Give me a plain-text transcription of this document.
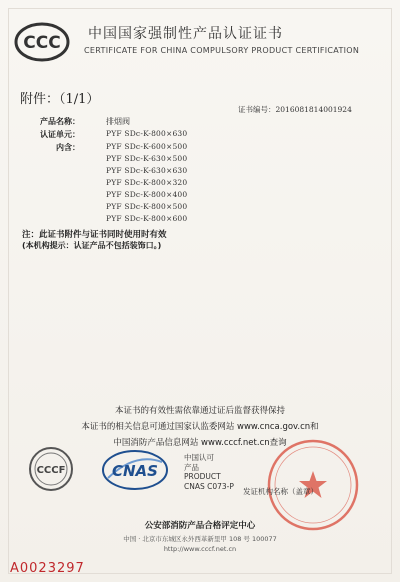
CCC 中国国家强制性产品认证证书
CERTIFICATE FOR CHINA COMPULSORY PRODUCT CERTIFICATION
附件：（1/1）
证书编号：2016081814001924
产品名称：	排烟阀
认证单元：	PYF SDc-K-800×630
内含：	PYF SDc-K-600×500
PYF SDc-K-630×500
PYF SDc-K-630×630
PYF SDc-K-800×320
PYF SDc-K-800×400
PYF SDc-K-800×500
PYF SDc-K-800×600
注：此证书附件与证书同时使用时有效
(本机构提示：认证产品不包括装饰口。)
本证书的有效性需依靠通过证后监督获得保持
本证书的相关信息可通过国家认监委网站 www.cnca.gov.cn和
中国消防产品信息网站 www.cccf.net.cn查询
CCCF	CNAS
中国认可
产品
PRODUCT
CNAS C073-P
发证机构名称（盖章）
公安部消防产品合格评定中心
中国 · 北京市东城区永外西革新里甲 108 号 100077
http://www.cccf.net.cn
A0023297
